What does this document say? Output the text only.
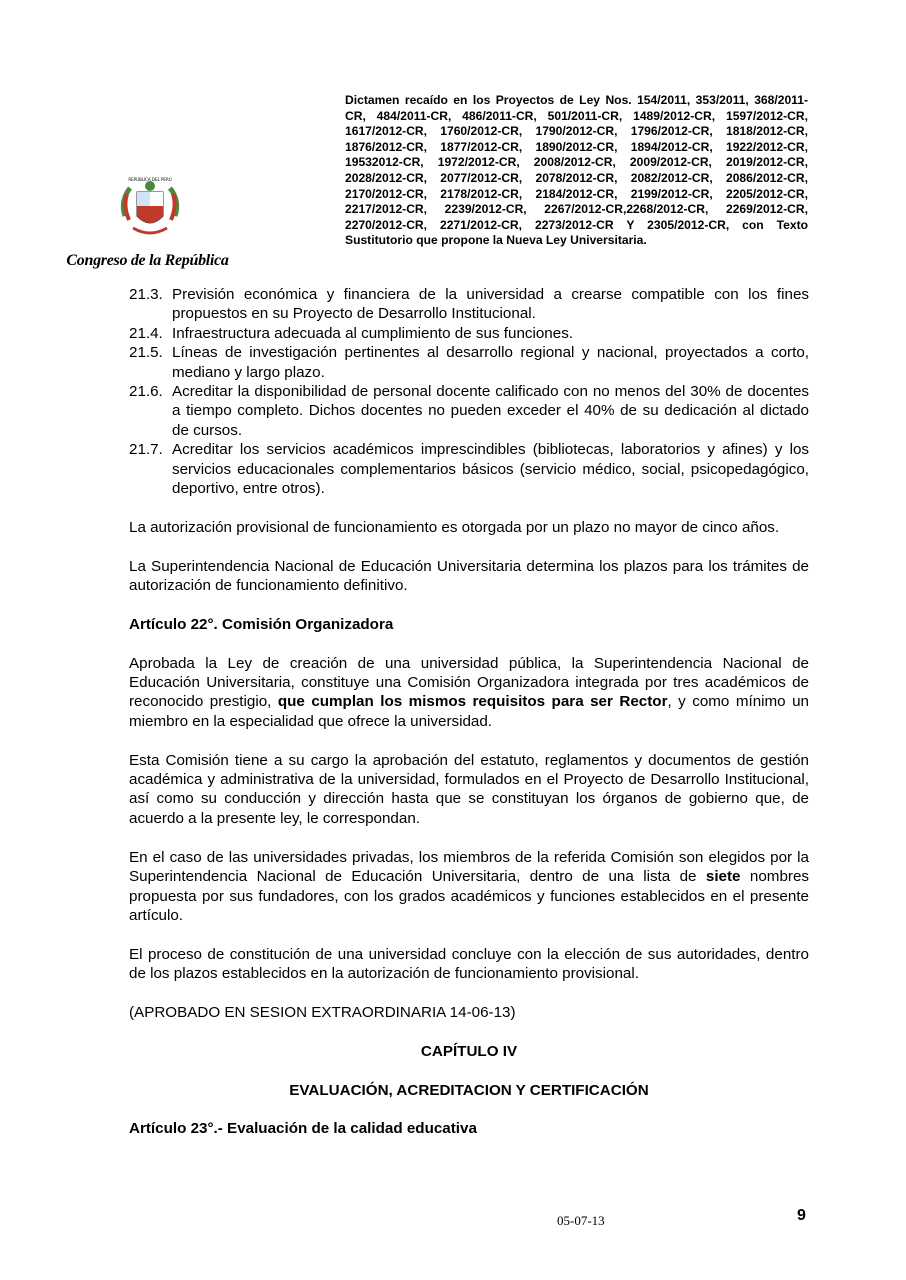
REPÚBLICA DEL PERÚ
Congreso de la República
Dictamen recaído en los Proyectos de Ley Nos. 154/2011, 353/2011, 368/2011-CR, 484/2011-CR, 486/2011-CR, 501/2011-CR, 1489/2012-CR, 1597/2012-CR, 1617/2012-CR, 1760/2012-CR, 1790/2012-CR, 1796/2012-CR, 1818/2012-CR, 1876/2012-CR, 1877/2012-CR, 1890/2012-CR, 1894/2012-CR, 1922/2012-CR, 19532012-CR, 1972/2012-CR, 2008/2012-CR, 2009/2012-CR, 2019/2012-CR, 2028/2012-CR, 2077/2012-CR, 2078/2012-CR, 2082/2012-CR, 2086/2012-CR, 2170/2012-CR, 2178/2012-CR, 2184/2012-CR, 2199/2012-CR, 2205/2012-CR, 2217/2012-CR, 2239/2012-CR, 2267/2012-CR,2268/2012-CR, 2269/2012-CR, 2270/2012-CR, 2271/2012-CR, 2273/2012-CR Y 2305/2012-CR, con Texto Sustitutorio que propone la Nueva Ley Universitaria.
21.3. Previsión económica y financiera de la universidad a crearse compatible con los fines propuestos en su Proyecto de Desarrollo Institucional.
21.4. Infraestructura adecuada al cumplimiento de sus funciones.
21.5. Líneas de investigación pertinentes al desarrollo regional y nacional, proyectados a corto, mediano y largo plazo.
21.6. Acreditar la disponibilidad de personal docente calificado con no menos del 30% de docentes a tiempo completo. Dichos docentes no pueden exceder el 40% de su dedicación al dictado de cursos.
21.7. Acreditar los servicios académicos imprescindibles (bibliotecas, laboratorios y afines) y los servicios educacionales complementarios básicos (servicio médico, social, psicopedagógico, deportivo, entre otros).

La autorización provisional de funcionamiento es otorgada por un plazo no mayor de cinco años.

La Superintendencia Nacional de Educación Universitaria determina los plazos para los trámites de autorización de funcionamiento definitivo.

Artículo 22°. Comisión Organizadora

Aprobada la Ley de creación de una universidad pública, la Superintendencia Nacional de Educación Universitaria, constituye una Comisión Organizadora integrada por tres académicos de reconocido prestigio, que cumplan los mismos requisitos para ser Rector, y como mínimo un miembro en la especialidad que ofrece la universidad.

Esta Comisión tiene a su cargo la aprobación del estatuto, reglamentos y documentos de gestión académica y administrativa de la universidad, formulados en el Proyecto de Desarrollo Institucional, así como su conducción y dirección hasta que se constituyan los órganos de gobierno que, de acuerdo a la presente ley, le correspondan.

En el caso de las universidades privadas, los miembros de la referida Comisión son elegidos por la Superintendencia Nacional de Educación Universitaria, dentro de una lista de siete nombres propuesta por sus fundadores, con los grados académicos y funciones establecidos en el presente artículo.

El proceso de constitución de una universidad concluye con la elección de sus autoridades, dentro de los plazos establecidos en la autorización de funcionamiento provisional.

(APROBADO EN SESION EXTRAORDINARIA 14-06-13)

CAPÍTULO IV

EVALUACIÓN, ACREDITACION Y CERTIFICACIÓN

Artículo 23°.- Evaluación de la calidad educativa

05-07-13	9
